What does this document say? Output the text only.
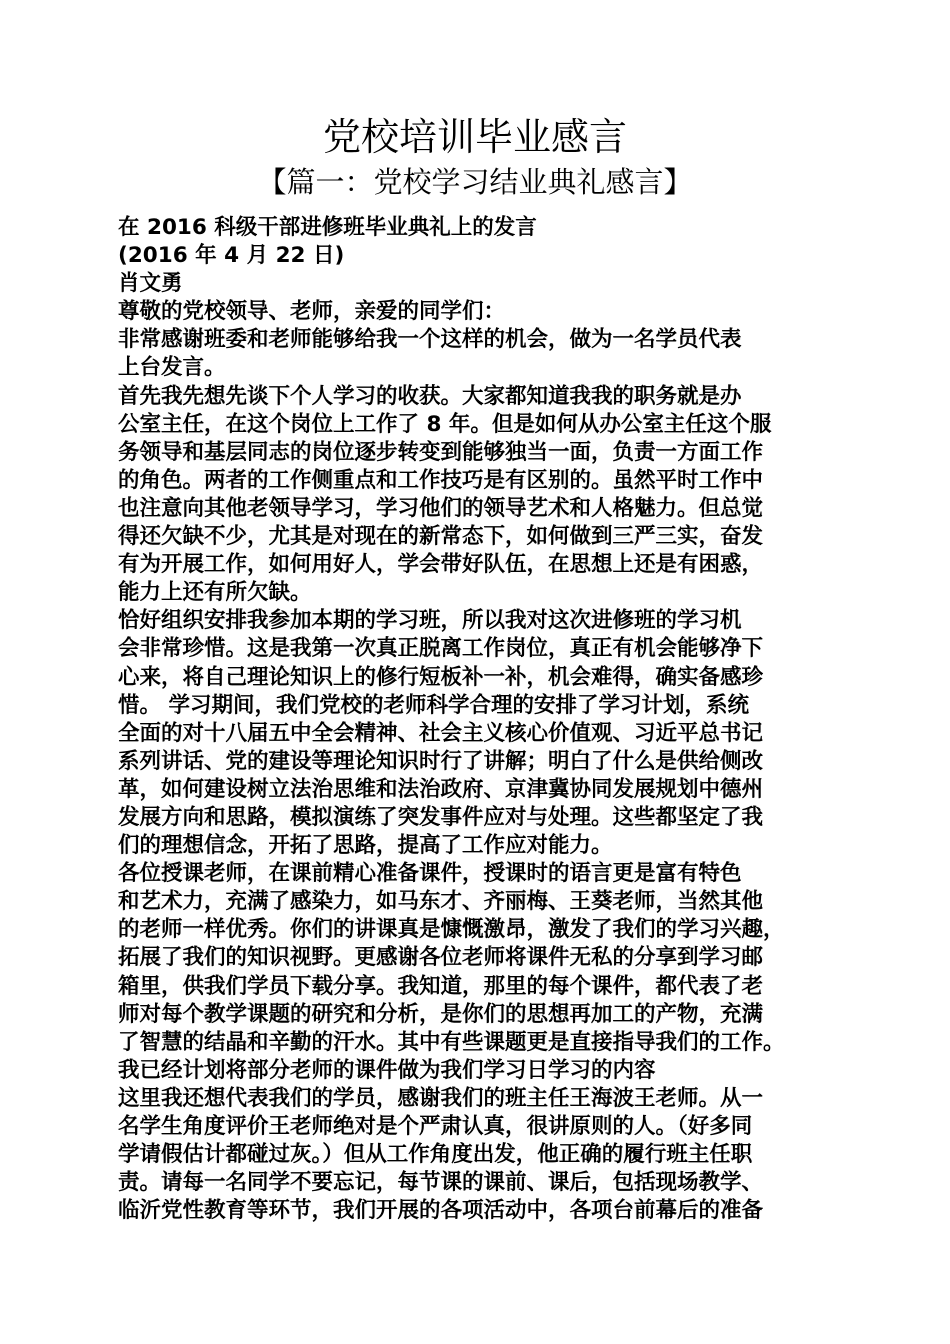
党校培训毕业感言
【篇一：党校学习结业典礼感言】
在 2016 科级干部进修班毕业典礼上的发言
(2016 年 4 月 22 日)
肖文勇
尊敬的党校领导、老师，亲爱的同学们：
非常感谢班委和老师能够给我一个这样的机会，做为一名学员代表
上台发言。
首先我先想先谈下个人学习的收获。大家都知道我我的职务就是办
公室主任，在这个岗位上工作了 8 年。但是如何从办公室主任这个服
务领导和基层同志的岗位逐步转变到能够独当一面，负责一方面工作
的角色。两者的工作侧重点和工作技巧是有区别的。虽然平时工作中
也注意向其他老领导学习，学习他们的领导艺术和人格魅力。但总觉
得还欠缺不少，尤其是对现在的新常态下，如何做到三严三实，奋发
有为开展工作，如何用好人，学会带好队伍，在思想上还是有困惑，
能力上还有所欠缺。
恰好组织安排我参加本期的学习班，所以我对这次进修班的学习机
会非常珍惜。这是我第一次真正脱离工作岗位，真正有机会能够净下
心来，将自己理论知识上的修行短板补一补，机会难得，确实备感珍
惜。 学习期间，我们党校的老师科学合理的安排了学习计划，系统
全面的对十八届五中全会精神、社会主义核心价值观、习近平总书记
系列讲话、党的建设等理论知识时行了讲解；明白了什么是供给侧改
革，如何建设树立法治思维和法治政府、京津冀协同发展规划中德州
发展方向和思路，模拟演练了突发事件应对与处理。这些都坚定了我
们的理想信念，开拓了思路，提高了工作应对能力。
各位授课老师，在课前精心准备课件，授课时的语言更是富有特色
和艺术力，充满了感染力，如马东才、齐丽梅、王葵老师，当然其他
的老师一样优秀。你们的讲课真是慷慨激昂，激发了我们的学习兴趣，
拓展了我们的知识视野。更感谢各位老师将课件无私的分享到学习邮
箱里，供我们学员下载分享。我知道，那里的每个课件，都代表了老
师对每个教学课题的研究和分析，是你们的思想再加工的产物，充满
了智慧的结晶和辛勤的汗水。其中有些课题更是直接指导我们的工作。
我已经计划将部分老师的课件做为我们学习日学习的内容
这里我还想代表我们的学员，感谢我们的班主任王海波王老师。从一
名学生角度评价王老师绝对是个严肃认真，很讲原则的人。（好多同
学请假估计都碰过灰。）但从工作角度出发，他正确的履行班主任职
责。请每一名同学不要忘记，每节课的课前、课后，包括现场教学、
临沂党性教育等环节，我们开展的各项活动中，各项台前幕后的准备
